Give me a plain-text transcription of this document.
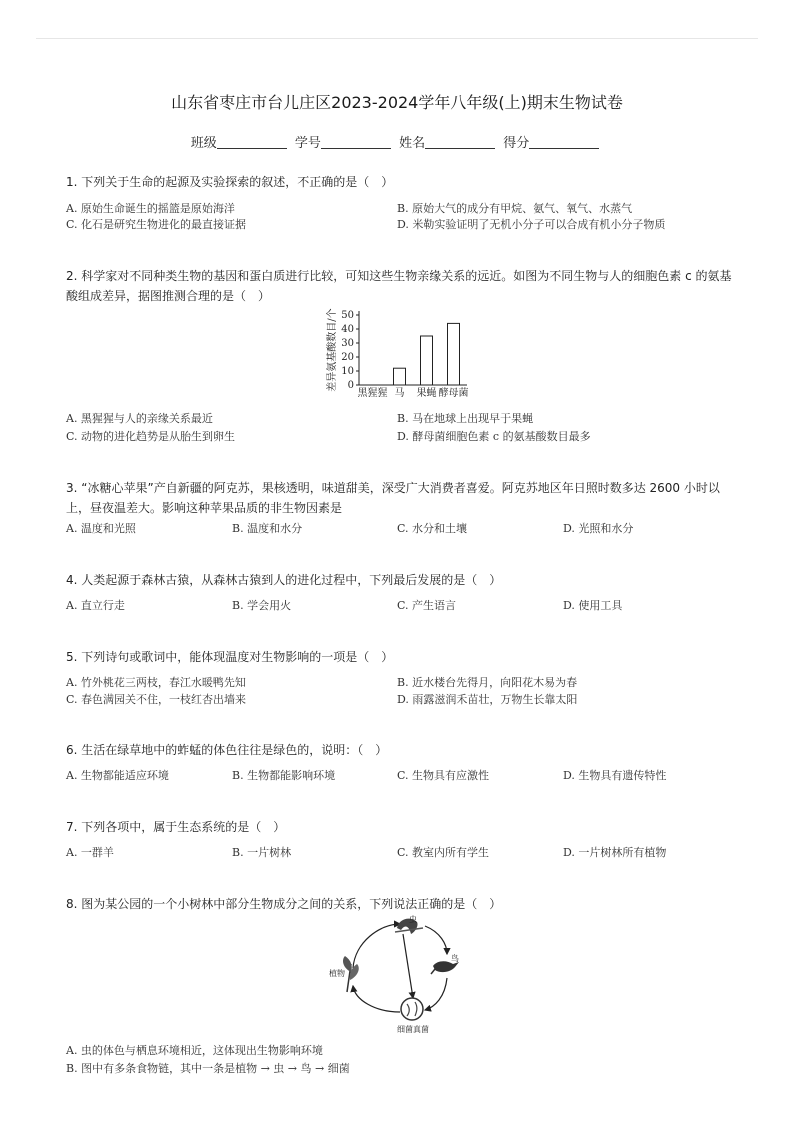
山东省枣庄市台儿庄区2023-2024学年八年级(上)期末生物试卷
班级	学号	姓名	得分
1. 下列关于生命的起源及实验探索的叙述，不正确的是（　）
A. 原始生命诞生的摇篮是原始海洋	B. 原始大气的成分有甲烷、氨气、氧气、水蒸气
C. 化石是研究生物进化的最直接证据	D. 米勒实验证明了无机小分子可以合成有机小分子物质
2. 科学家对不同种类生物的基因和蛋白质进行比较，可知这些生物亲缘关系的远近。如图为不同生物与人的细胞色素 c 的氨基酸组成差异，据图推测合理的是（　）
0
10
20
30
40
50
黑猩猩 马 果蝇 酵母菌
差异氨基酸数目/个
A. 黑猩猩与人的亲缘关系最近	B. 马在地球上出现早于果蝇
C. 动物的进化趋势是从胎生到卵生	D. 酵母菌细胞色素 c 的氨基酸数目最多
3. “冰糖心苹果”产自新疆的阿克苏，果核透明，味道甜美，深受广大消费者喜爱。阿克苏地区年日照时数多达 2600 小时以上，昼夜温差大。影响这种苹果品质的非生物因素是
A. 温度和光照	B. 温度和水分	C. 水分和土壤	D. 光照和水分
4. 人类起源于森林古猿，从森林古猿到人的进化过程中，下列最后发展的是（　）
A. 直立行走	B. 学会用火	C. 产生语言	D. 使用工具
5. 下列诗句或歌词中，能体现温度对生物影响的一项是（　）
A. 竹外桃花三两枝，春江水暖鸭先知	B. 近水楼台先得月，向阳花木易为春
C. 春色满园关不住，一枝红杏出墙来	D. 雨露滋润禾苗壮，万物生长靠太阳
6. 生活在绿草地中的蚱蜢的体色往往是绿色的，说明：（　）
A. 生物都能适应环境	B. 生物都能影响环境	C. 生物具有应激性	D. 生物具有遗传特性
7. 下列各项中，属于生态系统的是（　）
A. 一群羊	B. 一片树林	C. 教室内所有学生	D. 一片树林所有植物
8. 图为某公园的一个小树林中部分生物成分之间的关系，下列说法正确的是（　）
虫
鸟
植物
细菌真菌
A. 虫的体色与栖息环境相近，这体现出生物影响环境
B. 图中有多条食物链，其中一条是植物 → 虫 → 鸟 → 细菌
